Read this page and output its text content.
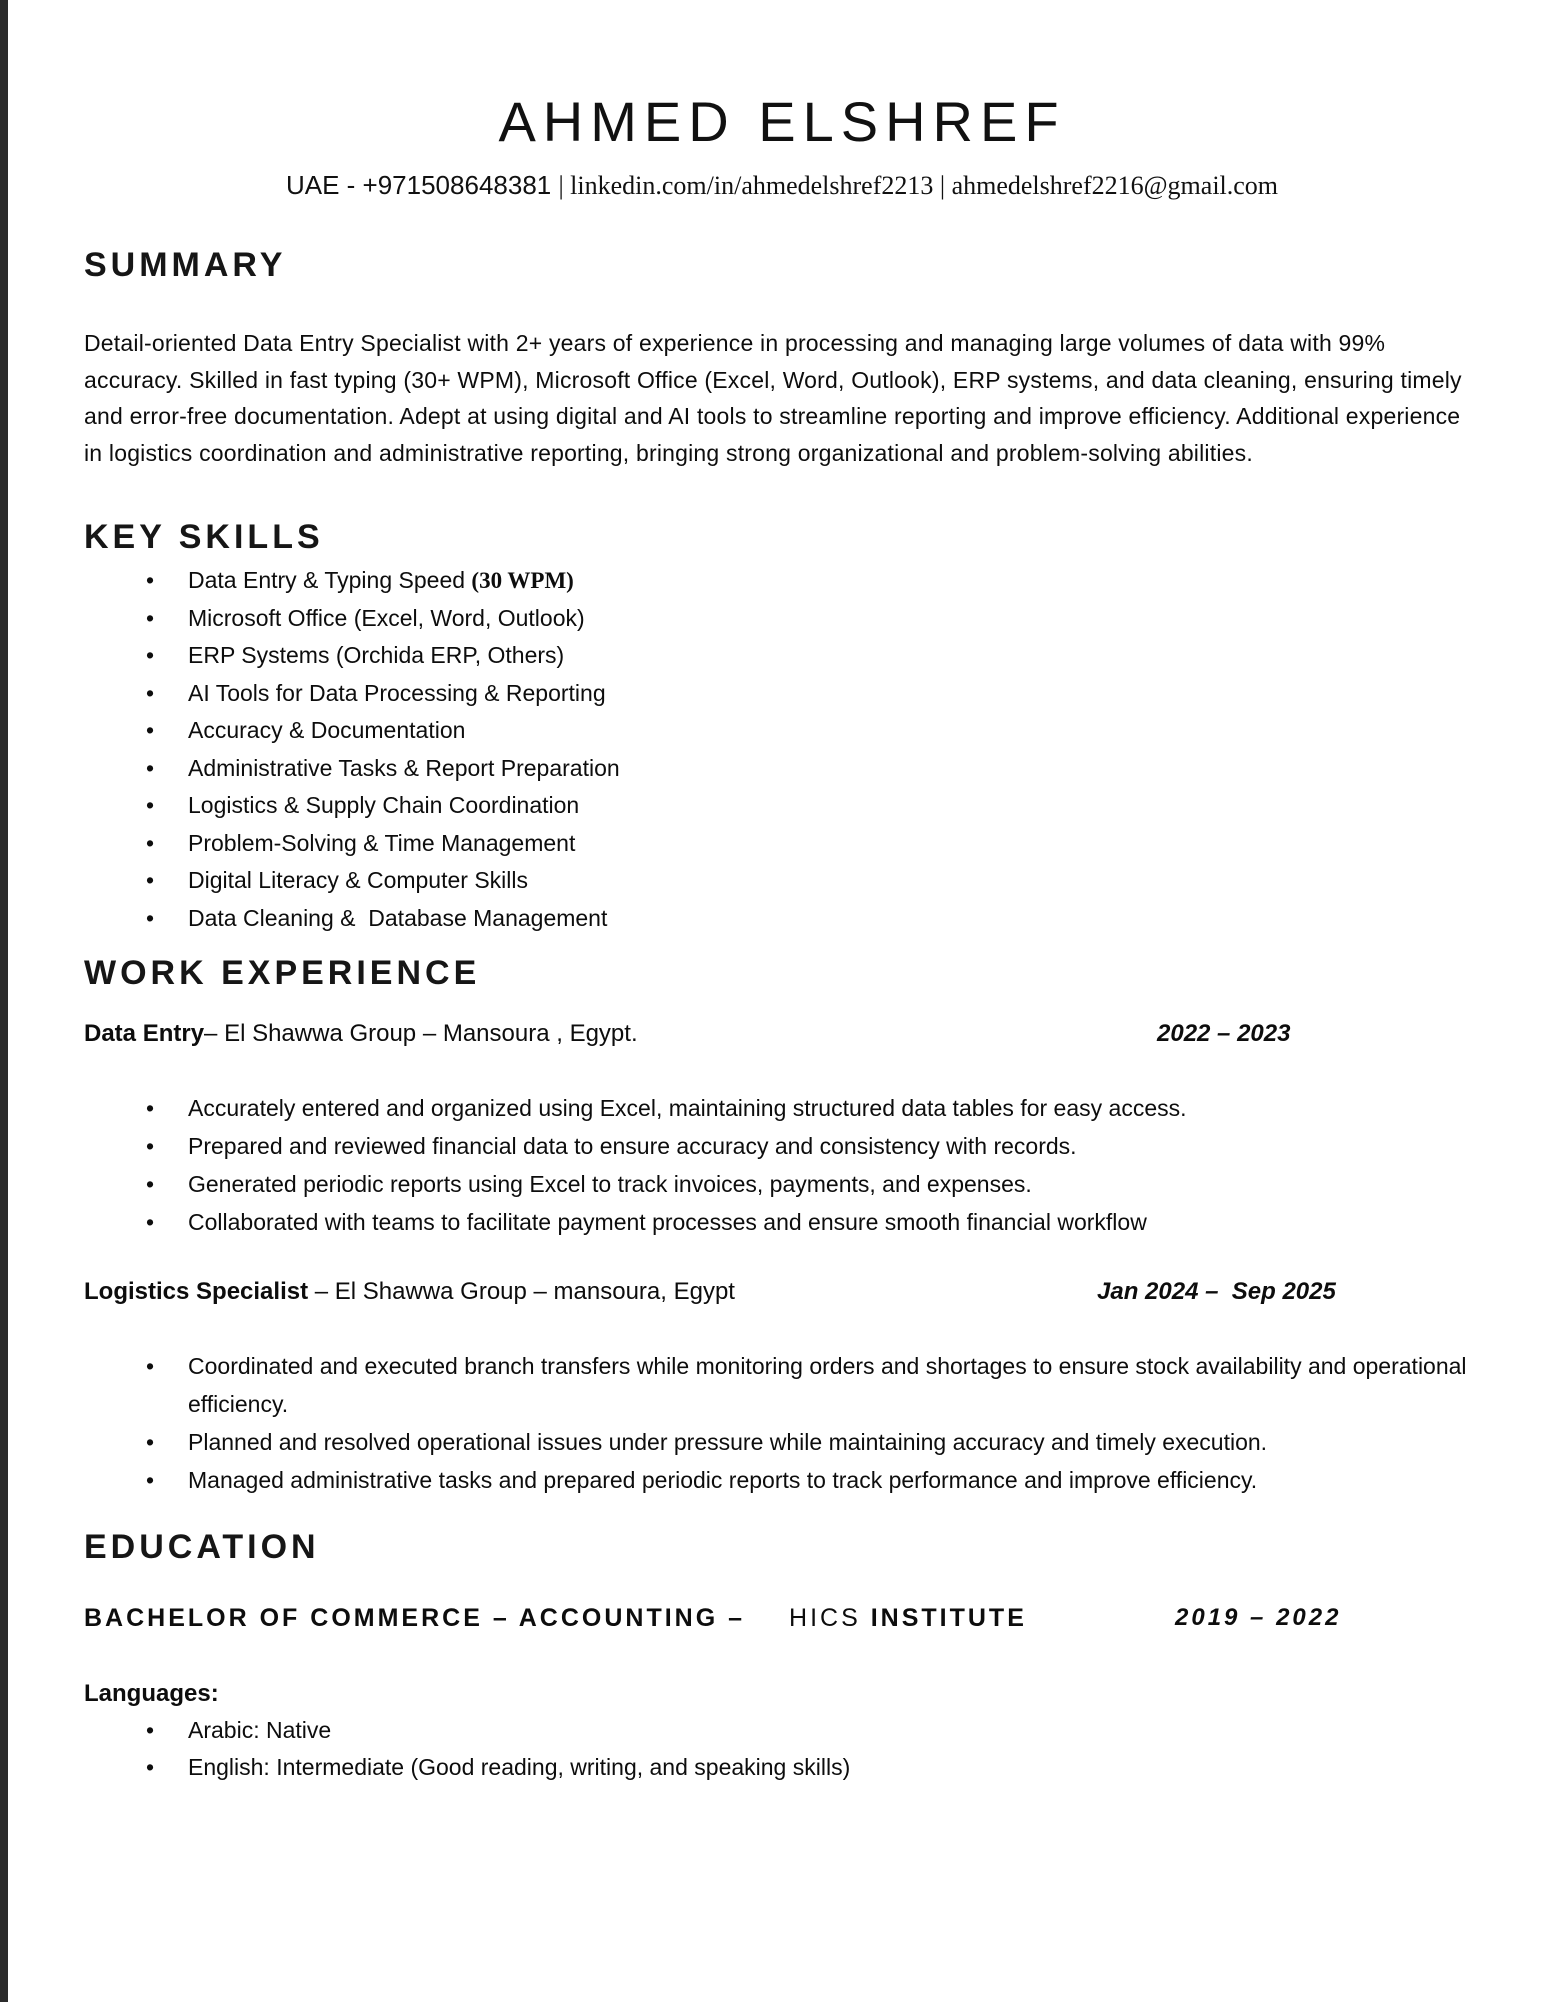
AHMED ELSHREF

UAE - +971508648381 | linkedin.com/in/ahmedelshref2213 | ahmedelshref2216@gmail.com

SUMMARY

Detail-oriented Data Entry Specialist with 2+ years of experience in processing and managing large volumes of data with 99% accuracy. Skilled in fast typing (30+ WPM), Microsoft Office (Excel, Word, Outlook), ERP systems, and data cleaning, ensuring timely and error-free documentation. Adept at using digital and AI tools to streamline reporting and improve efficiency. Additional experience in logistics coordination and administrative reporting, bringing strong organizational and problem-solving abilities.

KEY SKILLS
• Data Entry & Typing Speed (30 WPM)
• Microsoft Office (Excel, Word, Outlook)
• ERP Systems (Orchida ERP, Others)
• AI Tools for Data Processing & Reporting
• Accuracy & Documentation
• Administrative Tasks & Report Preparation
• Logistics & Supply Chain Coordination
• Problem-Solving & Time Management
• Digital Literacy & Computer Skills
• Data Cleaning &  Database Management
WORK EXPERIENCE

Data Entry– El Shawwa Group – Mansoura , Egypt.	2022 – 2023

• Accurately entered and organized using Excel, maintaining structured data tables for easy access.
• Prepared and reviewed financial data to ensure accuracy and consistency with records.
• Generated periodic reports using Excel to track invoices, payments, and expenses.
• Collaborated with teams to facilitate payment processes and ensure smooth financial workflow

Logistics Specialist – El Shawwa Group – mansoura, Egypt	Jan 2024 –  Sep 2025

• Coordinated and executed branch transfers while monitoring orders and shortages to ensure stock availability and operational efficiency.
• Planned and resolved operational issues under pressure while maintaining accuracy and timely execution.
• Managed administrative tasks and prepared periodic reports to track performance and improve efficiency.
EDUCATION

BACHELOR OF COMMERCE – ACCOUNTING – HICS INSTITUTE	2019 – 2022

Languages:

• Arabic: Native
• English: Intermediate (Good reading, writing, and speaking skills)
